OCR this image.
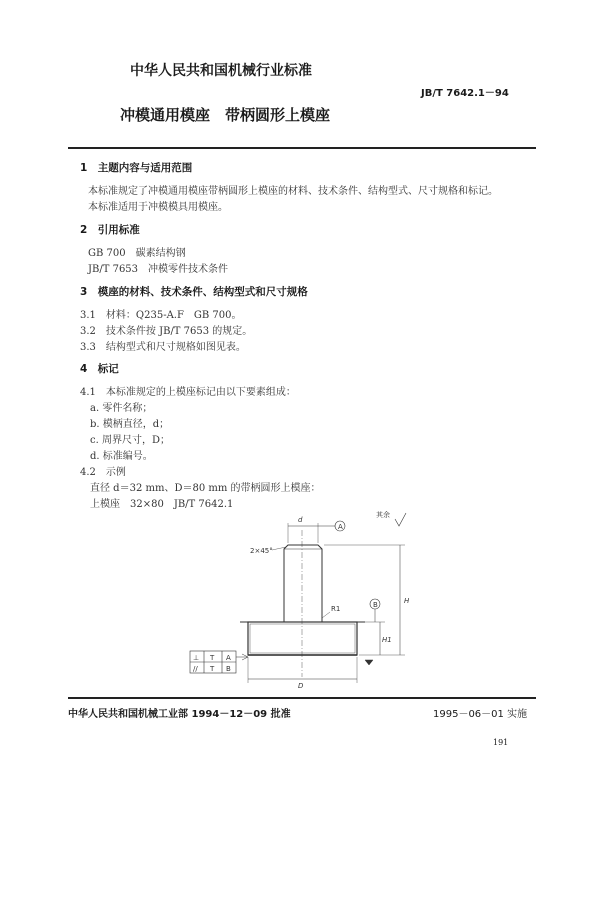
中华人民共和国机械行业标准
JB/T 7642.1－94
冲模通用模座　带柄圆形上模座
1　主题内容与适用范围
本标准规定了冲模通用模座带柄圆形上模座的材料、技术条件、结构型式、尺寸规格和标记。
本标准适用于冲模模具用模座。
2　引用标准
GB 700　碳素结构钢
JB/T 7653　冲模零件技术条件
3　模座的材料、技术条件、结构型式和尺寸规格
3.1　材料：Q235-A.F　GB 700。
3.2　技术条件按 JB/T 7653 的规定。
3.3　结构型式和尺寸规格如图见表。
4　标记
4.1　本标准规定的上模座标记由以下要素组成：
a. 零件名称；
b. 模柄直径，d；
c. 周界尺寸，D；
d. 标准编号。
4.2　示例
直径 d＝32 mm、D＝80 mm 的带柄圆形上模座：
上模座　32×80　JB/T 7642.1
d
A
B
D
H
H1
2×45°
R1
其余
⊥ T A
// T B
中华人民共和国机械工业部 1994－12－09 批准	1995－06－01 实施
191
